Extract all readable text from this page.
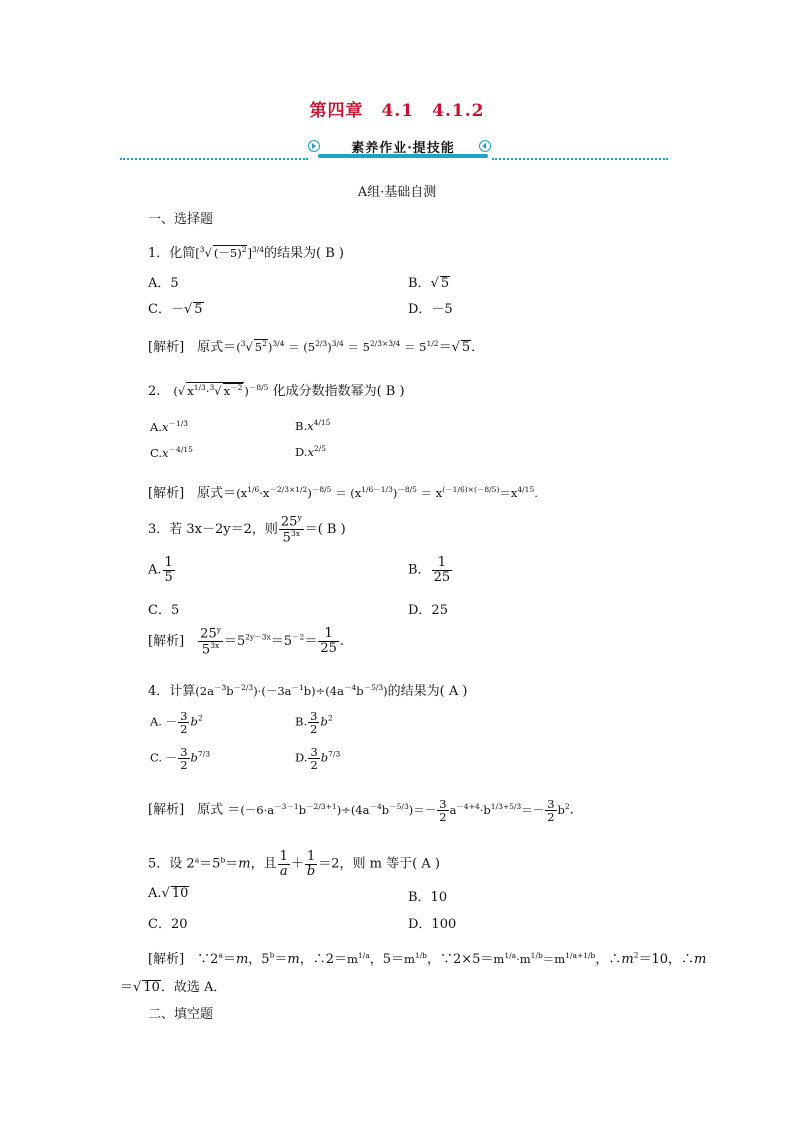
第四章　4.1　4.1.2
素养作业·提技能
A组·基础自测
一、选择题
1．化简[$^3$√ $(-5)^2]^{3/4}$的结果为( B )
A．5	B．√ 5
C．－√ 5	D．－5
[解析]　 原式＝($^3$√ $5^2)^{3/4} = (5^{2/3})^{3/4} = 5^{2/3\times 3/4} = 5^{1/2}=√$ 5．
2.　 (√ $x^{1/3}\cdot^3√$ $x^{-2}$ )$^{-8/5}$ 化成分数指数幂为( B )
$A.x^{-1/3}$	$B.x^{4/15}$
$C.x^{-4/15}$	$D.x^{2/5}$
[解析]　 原式$=(x^{1/6}\cdot x^{-2/3\times 1/2})^{-8/5} = (x^{1/6-1/3})^{-8/5} = x^{(-1/6)\times(-8/5)}=x^{4/15}$.
3．若 3x－2y＝2，则 $\frac{25^y}{5^{3x}}$ ＝( B )
A. $\frac{1}{5}$	B． $\frac{1}{25}$
C．5	D．25
[解析]　 $\frac{25^y}{5^{3x}} =5^{2y-3x}=5^{-2}= \frac{1}{25}$ .
4．计算$(2a^{-3}b^{-2/3})\cdot(-3a^{-1}b)\div(4a^{-4}b^{-5/3})$的结果为( A )
A. － $\frac{3}{2} b^2$	B. $\frac{3}{2} b^2$
C. － $\frac{3}{2} b^{7/3}$	D. $\frac{3}{2} b^{7/3}$
[解析]　 原式 $=(-6\cdot a^{-3-1}b^{-2/3+1})\div(4a^{-4}b^{-5/3})=- \frac{3}{2} a^{-4+4}\cdot b^{1/3+5/3}=- \frac{3}{2} b^2$．
5．设 $2^a=5^b=m$，且 $\frac{1}{a} + \frac{1}{b} =2$，则 m 等于( A )
A.√ 10	B．10
C．20	D．100
[解析]　 $\because 2^a=m$，$5^b=m$，$\therefore 2=m^{1/a}$，$5=m^{1/b}$，$\because 2\times 5=m^{1/a}\cdot m^{1/b}=m^{1/a+1/b}$，$\therefore m^2=10$，∴m
＝√ 10．故选 A．
二、填空题
